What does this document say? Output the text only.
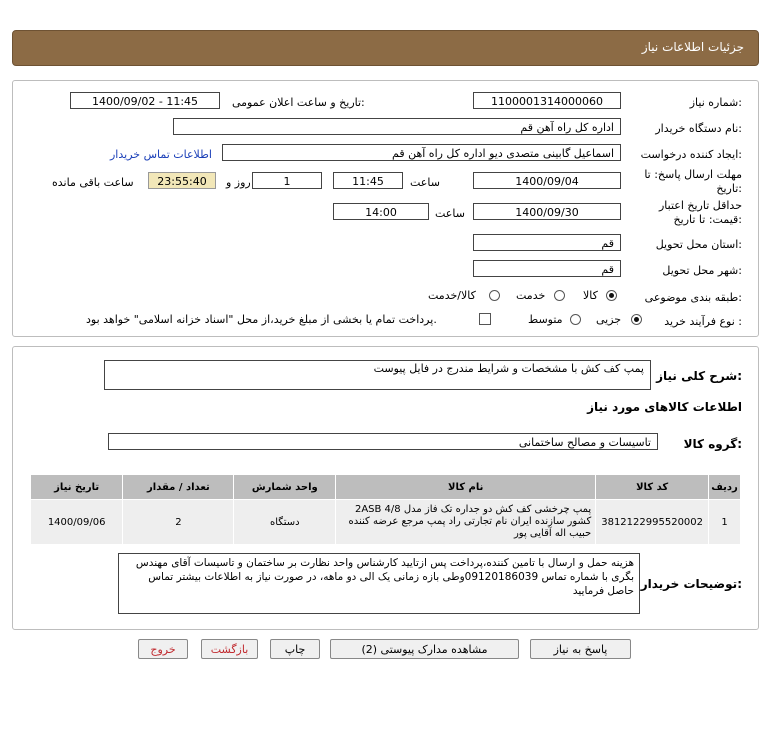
جزئیات اطلاعات نیاز
شماره نیاز:
1100001314000060
تاریخ و ساعت اعلان عمومی:
1400/09/02 - 11:45
نام دستگاه خریدار:
اداره کل راه آهن قم
ایجاد کننده درخواست:
اسماعیل گابینی متصدی دیو اداره کل راه آهن قم
اطلاعات تماس خریدار
مهلت ارسال پاسخ: تا تاریخ:
1400/09/04
ساعت
11:45
1
روز و
23:55:40
ساعت باقی مانده
حداقل تاریخ اعتبار قیمت: تا تاریخ:
1400/09/30
ساعت
14:00
استان محل تحویل:
قم
شهر محل تحویل:
قم
طبقه بندی موضوعی:
کالا
خدمت
کالا/خدمت
نوع فرآیند خرید :
جزیی
متوسط
پرداخت تمام یا بخشی از مبلغ خرید،از محل "اسناد خزانه اسلامی" خواهد بود.
شرح کلی نیاز:
پمپ کف کش با مشخصات و شرایط مندرج در فایل پیوست
اطلاعات کالاهای مورد نیاز
گروه کالا:
تاسیسات و مصالح ساختمانی
تاریخ نیاز	تعداد / مقدار	واحد شمارش	نام کالا	کد کالا	ردیف
1400/09/06	2	دستگاه	پمپ چرخشی کف کش دو جداره تک فاز مدل 2ASB 4/8 کشور سازنده ایران نام تجارتی راد پمپ مرجع عرضه کننده حبیب اله آقایی پور	3812122995520002	1
توضیحات خریدار:
هزینه حمل و ارسال با تامین کننده،پرداخت پس ازتایید کارشناس واحد نظارت بر ساختمان و تاسیسات آقای مهندس بگری با شماره تماس 09120186039وطی بازه زمانی یک الی دو ماهه، در صورت نیاز به اطلاعات بیشتر تماس حاصل فرمایید
پاسخ به نیاز
مشاهده مدارک پیوستی (2)
چاپ
بازگشت
خروج
